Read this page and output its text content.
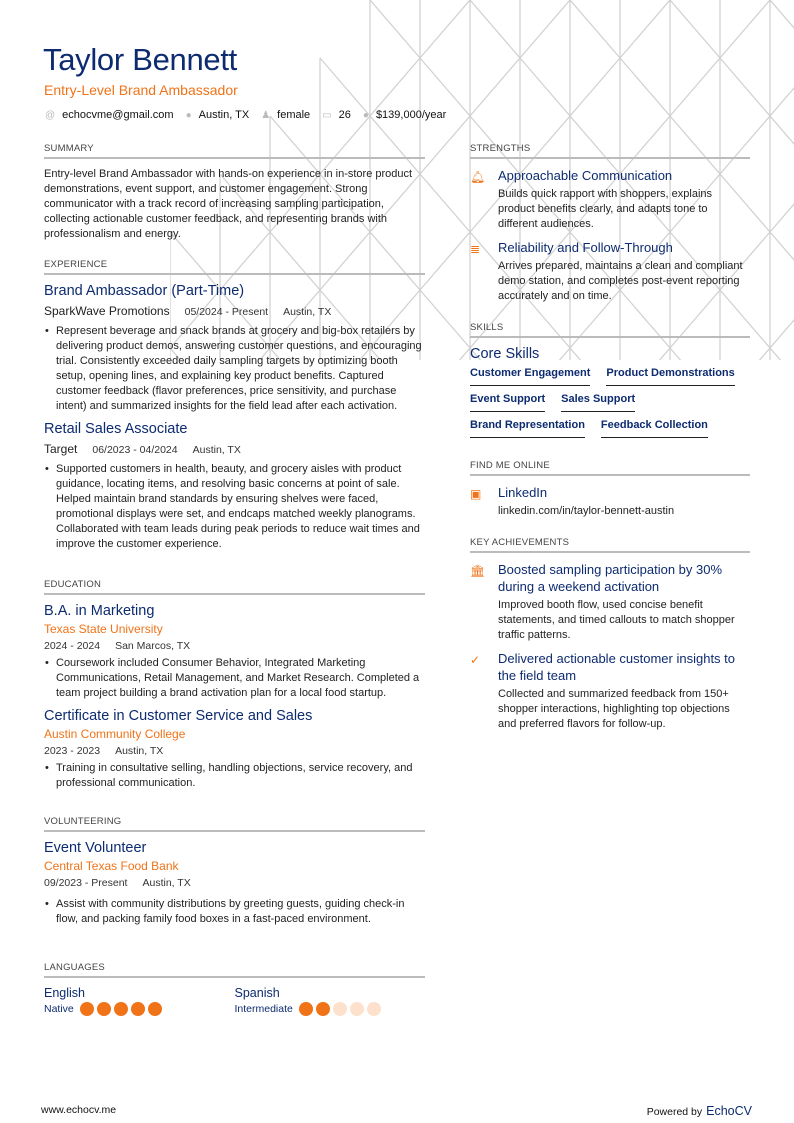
Taylor Bennett
Entry-Level Brand Ambassador
@ echocvme@gmail.com ● Austin, TX ♟ female ▭ 26 ● $139,000/year
SUMMARY
Entry-level Brand Ambassador with hands-on experience in in-store product demonstrations, event support, and customer engagement. Strong communicator with a track record of increasing sampling participation, collecting actionable customer feedback, and representing brands with professionalism and energy.
EXPERIENCE
Brand Ambassador (Part-Time)
SparkWave Promotions 05/2024 - Present Austin, TX
• Represent beverage and snack brands at grocery and big-box retailers by delivering product demos, answering customer questions, and encouraging trial. Consistently exceeded daily sampling targets by optimizing booth setup, opening lines, and explaining key product benefits. Captured customer feedback (flavor preferences, price sensitivity, and purchase intent) and summarized insights for the field lead after each activation.
Retail Sales Associate
Target 06/2023 - 04/2024 Austin, TX
• Supported customers in health, beauty, and grocery aisles with product guidance, locating items, and resolving basic concerns at point of sale. Helped maintain brand standards by ensuring shelves were faced, promotional displays were set, and endcaps matched weekly planograms. Collaborated with team leads during peak periods to reduce wait times and improve the customer experience.
EDUCATION
B.A. in Marketing
Texas State University
2024 - 2024 San Marcos, TX
• Coursework included Consumer Behavior, Integrated Marketing Communications, Retail Management, and Market Research. Completed a team project building a brand activation plan for a local food startup.
Certificate in Customer Service and Sales
Austin Community College
2023 - 2023 Austin, TX
• Training in consultative selling, handling objections, service recovery, and professional communication.
VOLUNTEERING
Event Volunteer
Central Texas Food Bank
09/2023 - Present Austin, TX
• Assist with community distributions by greeting guests, guiding check-in flow, and packing family food boxes in a fast-paced environment.
LANGUAGES
English
Native
Spanish
Intermediate
STRENGTHS
🔔︎ Approachable Communication
Builds quick rapport with shoppers, explains product benefits clearly, and adapts tone to different audiences.
≣	Reliability and Follow-Through
Arrives prepared, maintains a clean and compliant demo station, and completes post-event reporting accurately and on time.
SKILLS
Core Skills
Customer Engagement Product Demonstrations
Event Support Sales Support
Brand Representation Feedback Collection
FIND ME ONLINE
▣	LinkedIn
linkedin.com/in/taylor-bennett-austin
KEY ACHIEVEMENTS
🏛︎ Boosted sampling participation by 30% during a weekend activation
Improved booth flow, used concise benefit statements, and timed callouts to match shopper traffic patterns.
✓	Delivered actionable customer insights to the field team
Collected and summarized feedback from 150+ shopper interactions, highlighting top objections and preferred flavors for follow-up.
www.echocv.me	Powered by EchoCV
